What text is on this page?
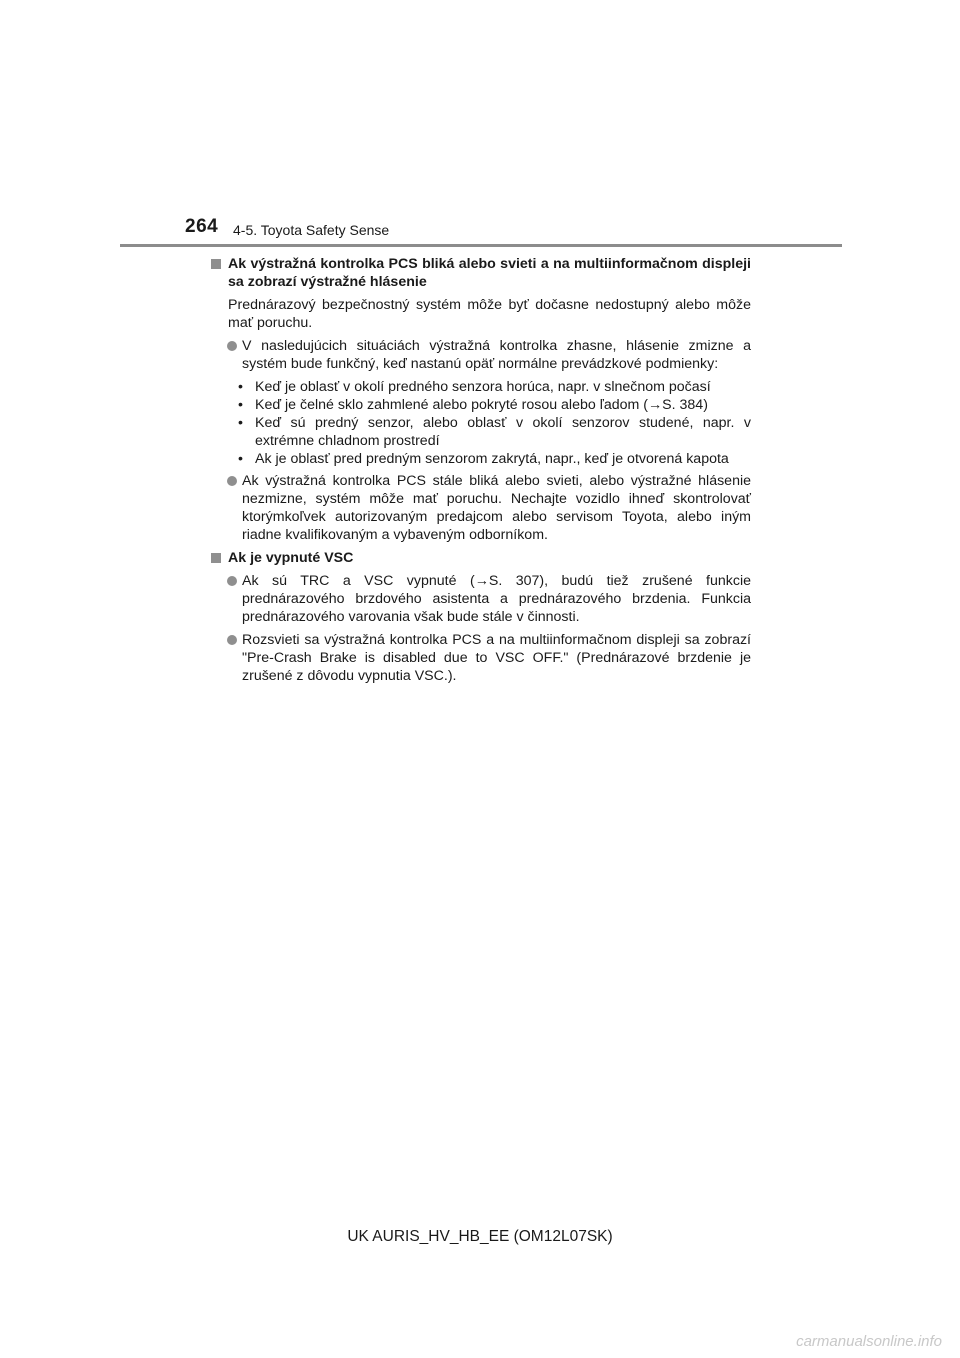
264 4-5. Toyota Safety Sense
Ak výstražná kontrolka PCS bliká alebo svieti a na multiinformačnom displeji sa zobrazí výstražné hlásenie
Prednárazový bezpečnostný systém môže byť dočasne nedostupný alebo môže mať poruchu.
V nasledujúcich situáciách výstražná kontrolka zhasne, hlásenie zmizne a systém bude funkčný, keď nastanú opäť normálne prevádzkové podmienky:
• Keď je oblasť v okolí predného senzora horúca, napr. v slnečnom počasí
• Keď je čelné sklo zahmlené alebo pokryté rosou alebo ľadom (→S. 384)
• Keď sú predný senzor, alebo oblasť v okolí senzorov studené, napr. v extrémne chladnom prostredí
• Ak je oblasť pred predným senzorom zakrytá, napr., keď je otvorená kapota
Ak výstražná kontrolka PCS stále bliká alebo svieti, alebo výstražné hlásenie nezmizne, systém môže mať poruchu. Nechajte vozidlo ihneď skontrolovať ktorýmkoľvek autorizovaným predajcom alebo servisom Toyota, alebo iným riadne kvalifikovaným a vybaveným odborníkom.
Ak je vypnuté VSC
Ak sú TRC a VSC vypnuté (→S. 307), budú tiež zrušené funkcie prednárazového brzdového asistenta a prednárazového brzdenia. Funkcia prednárazového varovania však bude stále v činnosti.
Rozsvieti sa výstražná kontrolka PCS a na multiinformačnom displeji sa zobrazí "Pre-Crash Brake is disabled due to VSC OFF." (Prednárazové brzdenie je zrušené z dôvodu vypnutia VSC.).
UK AURIS_HV_HB_EE (OM12L07SK)
carmanualsonline.info
